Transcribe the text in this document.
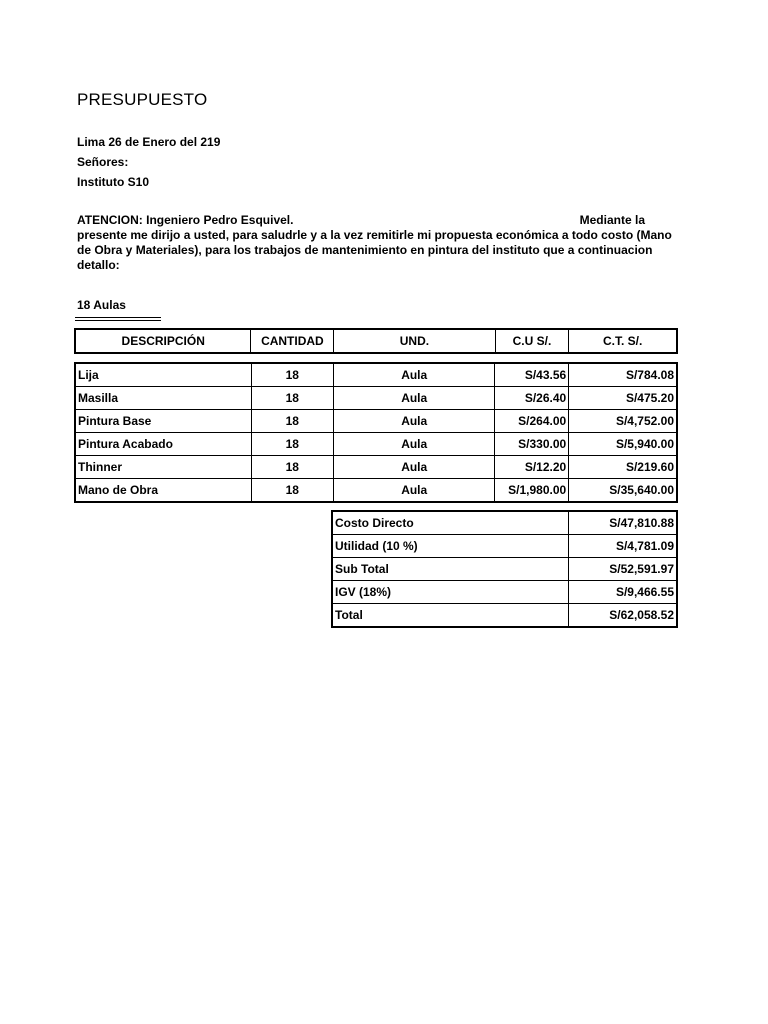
PRESUPUESTO
Lima 26 de Enero del 219
Señores:
Instituto S10
ATENCION: Ingeniero Pedro Esquivel.	Mediante la
presente me dirijo a usted, para saludrle y a la vez remitirle mi propuesta económica a todo costo (Mano
de Obra y Materiales), para los trabajos de mantenimiento en pintura del instituto que a continuacion
detallo:
18 Aulas
DESCRIPCIÓN	CANTIDAD	UND.	C.U S/.	C.T. S/.
Lija	18	Aula	S/43.56	S/784.08
Masilla	18	Aula	S/26.40	S/475.20
Pintura Base	18	Aula	S/264.00	S/4,752.00
Pintura Acabado	18	Aula	S/330.00	S/5,940.00
Thinner	18	Aula	S/12.20	S/219.60
Mano de Obra	18	Aula	S/1,980.00	S/35,640.00
Costo Directo	S/47,810.88
Utilidad (10 %)	S/4,781.09
Sub Total	S/52,591.97
IGV (18%)	S/9,466.55
Total	S/62,058.52
